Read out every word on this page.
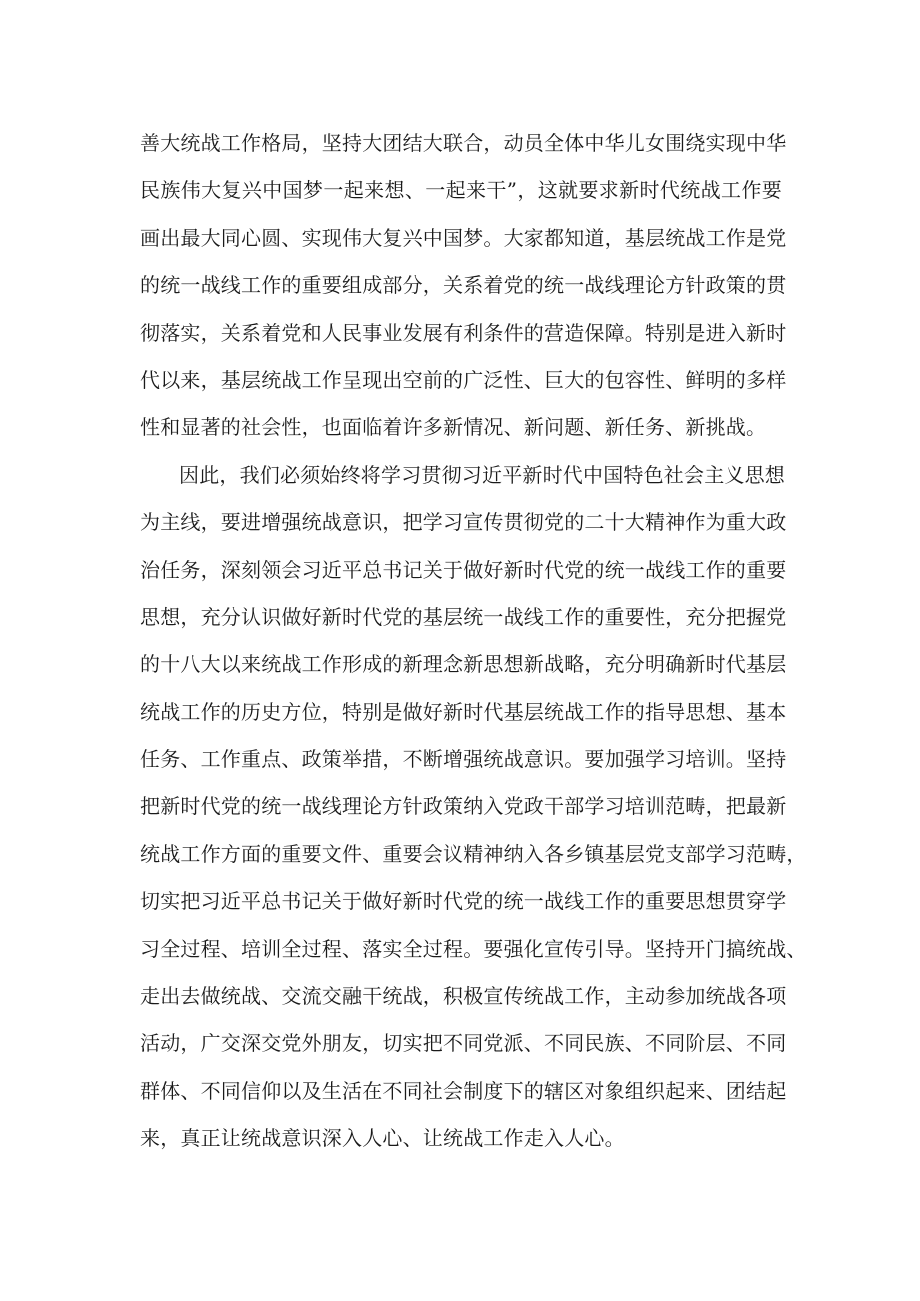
善大统战工作格局，坚持大团结大联合，动员全体中华儿女围绕实现中华
民族伟大复兴中国梦一起来想、一起来干”，这就要求新时代统战工作要
画出最大同心圆、实现伟大复兴中国梦。大家都知道，基层统战工作是党
的统一战线工作的重要组成部分，关系着党的统一战线理论方针政策的贯
彻落实，关系着党和人民事业发展有利条件的营造保障。特别是进入新时
代以来，基层统战工作呈现出空前的广泛性、巨大的包容性、鲜明的多样
性和显著的社会性，也面临着许多新情况、新问题、新任务、新挑战。
因此，我们必须始终将学习贯彻习近平新时代中国特色社会主义思想
为主线，要进增强统战意识，把学习宣传贯彻党的二十大精神作为重大政
治任务，深刻领会习近平总书记关于做好新时代党的统一战线工作的重要
思想，充分认识做好新时代党的基层统一战线工作的重要性，充分把握党
的十八大以来统战工作形成的新理念新思想新战略，充分明确新时代基层
统战工作的历史方位，特别是做好新时代基层统战工作的指导思想、基本
任务、工作重点、政策举措，不断增强统战意识。要加强学习培训。坚持
把新时代党的统一战线理论方针政策纳入党政干部学习培训范畴，把最新
统战工作方面的重要文件、重要会议精神纳入各乡镇基层党支部学习范畴，
切实把习近平总书记关于做好新时代党的统一战线工作的重要思想贯穿学
习全过程、培训全过程、落实全过程。要强化宣传引导。坚持开门搞统战、
走出去做统战、交流交融干统战，积极宣传统战工作，主动参加统战各项
活动，广交深交党外朋友，切实把不同党派、不同民族、不同阶层、不同
群体、不同信仰以及生活在不同社会制度下的辖区对象组织起来、团结起
来，真正让统战意识深入人心、让统战工作走入人心。
